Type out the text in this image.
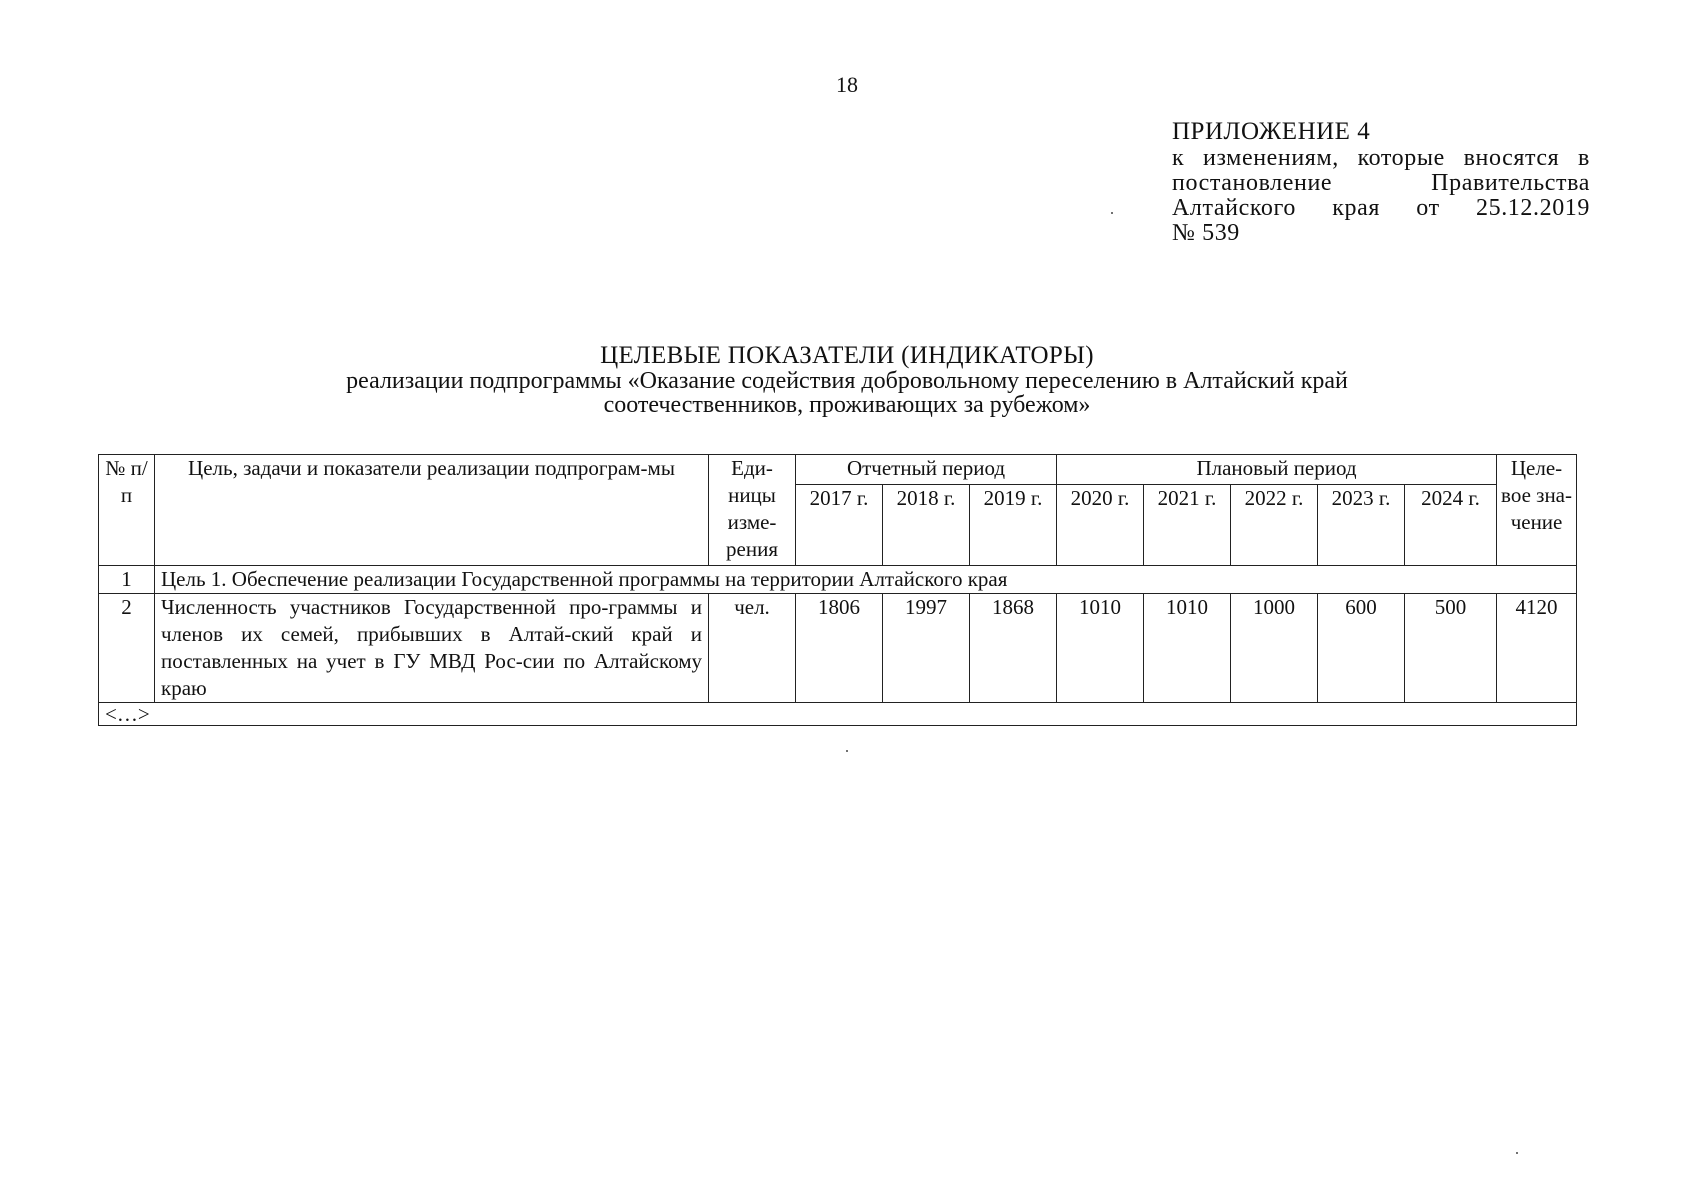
18
ПРИЛОЖЕНИЕ 4
к изменениям, которые вносятся в постановление Правительства Алтайского края от 25.12.2019
№ 539
ЦЕЛЕВЫЕ ПОКАЗАТЕЛИ (ИНДИКАТОРЫ)
реализации подпрограммы «Оказание содействия добровольному переселению в Алтайский край
соотечественников, проживающих за рубежом»
№ п/п	Цель, задачи и показатели реализации подпрограм-мы	Еди-ницы изме-рения	Отчетный период			Плановый период					Целе-вое зна-чение
			2017 г.	2018 г.	2019 г.	2020 г.	2021 г.	2022 г.	2023 г.	2024 г.	
1	Цель 1. Обеспечение реализации Государственной программы на территории Алтайского края										
2	Численность участников Государственной про-граммы и членов их семей, прибывших в Алтай-ский край и поставленных на учет в ГУ МВД Рос-сии по Алтайскому краю	чел.	1806	1997	1868	1010	1010	1000	600	500	4120
<…>											
